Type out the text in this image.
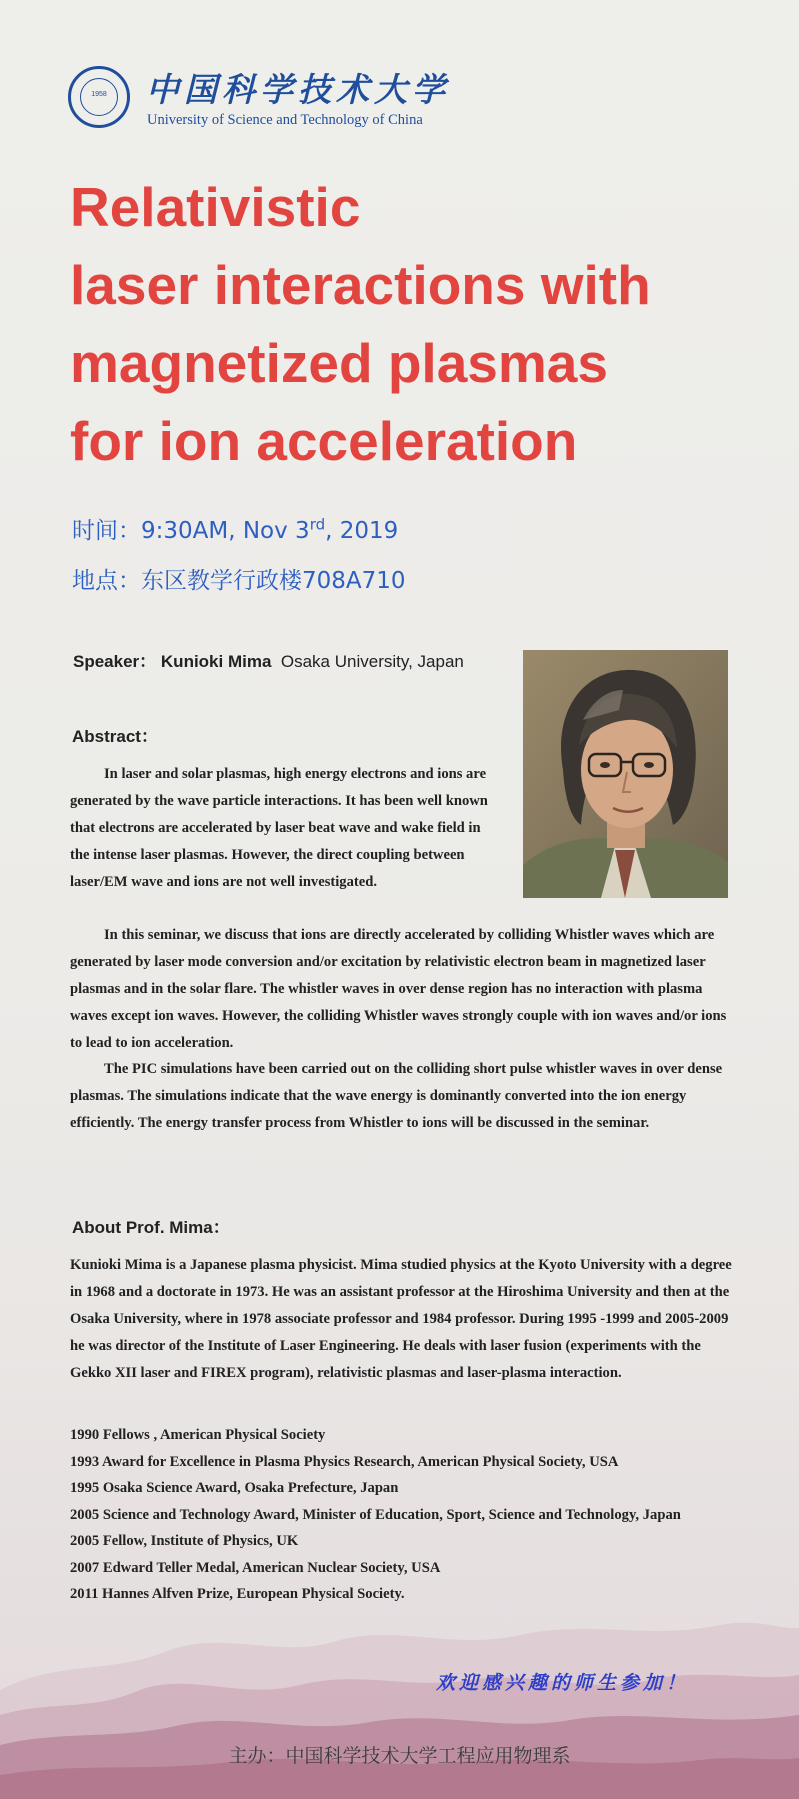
1958	中国科学技术大学
University of Science and Technology of China
Relativistic
laser interactions with
magnetized plasmas
for ion acceleration
时间：9:30AM, Nov 3rd, 2019
地点：东区教学行政楼708A710
Speaker： Kunioki Mima Osaka University, Japan
Abstract：

In laser and solar plasmas, high energy electrons and ions are generated by the wave particle interactions. It has been well known that electrons are accelerated by laser beat wave and wake field in the intense laser plasmas. However, the direct coupling between laser/EM wave and ions are not well investigated.

In this seminar, we discuss that ions are directly accelerated by colliding Whistler waves which are generated by laser mode conversion and/or excitation by relativistic electron beam in magnetized laser plasmas and in the solar flare. The whistler waves in over dense region has no interaction with plasma waves except ion waves. However, the colliding Whistler waves strongly couple with ion waves and/or ions to lead to ion acceleration.

The PIC simulations have been carried out on the colliding short pulse whistler waves in over dense plasmas. The simulations indicate that the wave energy is dominantly converted into the ion energy efficiently. The energy transfer process from Whistler to ions will be discussed in the seminar.

About Prof. Mima：

Kunioki Mima is a Japanese plasma physicist. Mima studied physics at the Kyoto University with a degree in 1968 and a doctorate in 1973. He was an assistant professor at the Hiroshima University and then at the Osaka University, where in 1978 associate professor and 1984 professor. During 1995 -1999 and 2005-2009 he was director of the Institute of Laser Engineering. He deals with laser fusion (experiments with the Gekko XII laser and FIREX program), relativistic plasmas and laser-plasma interaction.

1990 Fellows , American Physical Society
1993 Award for Excellence in Plasma Physics Research, American Physical Society, USA
1995 Osaka Science Award, Osaka Prefecture, Japan
2005 Science and Technology Award, Minister of Education, Sport, Science and Technology, Japan
2005 Fellow, Institute of Physics, UK
2007 Edward Teller Medal, American Nuclear Society, USA
2011 Hannes Alfven Prize, European Physical Society.
欢迎感兴趣的师生参加！
主办：中国科学技术大学工程应用物理系
